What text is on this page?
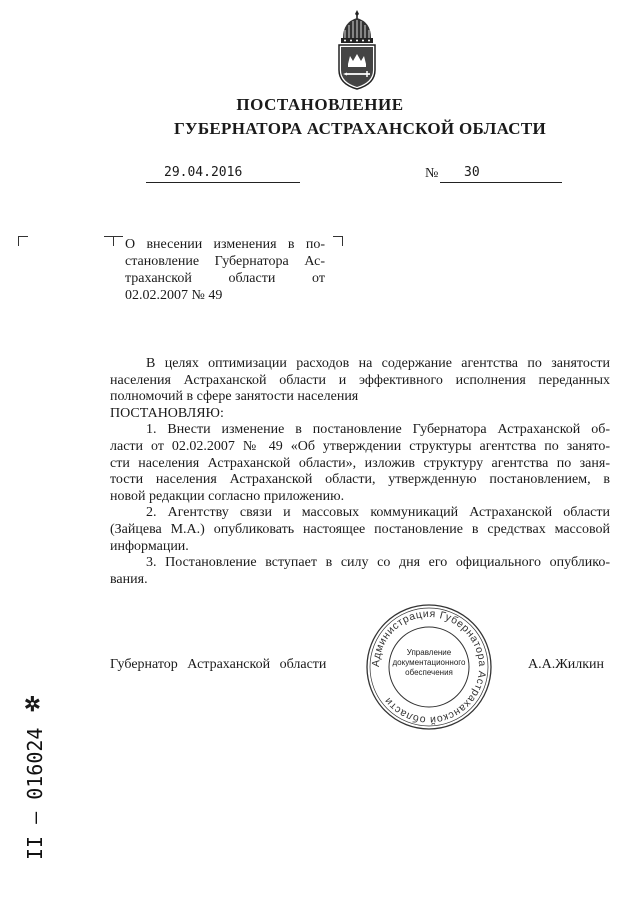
ПОСТАНОВЛЕНИЕ
ГУБЕРНАТОРА АСТРАХАНСКОЙ ОБЛАСТИ
29.04.2016	№	30
О внесении изменения в по-
становление Губернатора Ас-
траханской	области	от
02.02.2007 № 49
В целях оптимизации расходов на содержание агентства по занятости
населения Астраханской области и эффективного исполнения переданных
полномочий в сфере занятости населения
ПОСТАНОВЛЯЮ:
1. Внести изменение в постановление Губернатора Астраханской об-
ласти от 02.02.2007 № 49 «Об утверждении структуры агентства по занято-
сти населения Астраханской области», изложив структуру агентства по заня-
тости населения Астраханской области, утвержденную постановлением, в
новой редакции согласно приложению.
2. Агентству связи и массовых коммуникаций Астраханской области
(Зайцева М.А.) опубликовать настоящее постановление в средствах массовой
информации.
3. Постановление вступает в силу со дня его официального опублико-
вания.
Губернатор Астраханской области	А.А.Жилкин
Администрация Губернатора Астраханской области
Управление
документационного
обеспечения
✲
II – 016024
